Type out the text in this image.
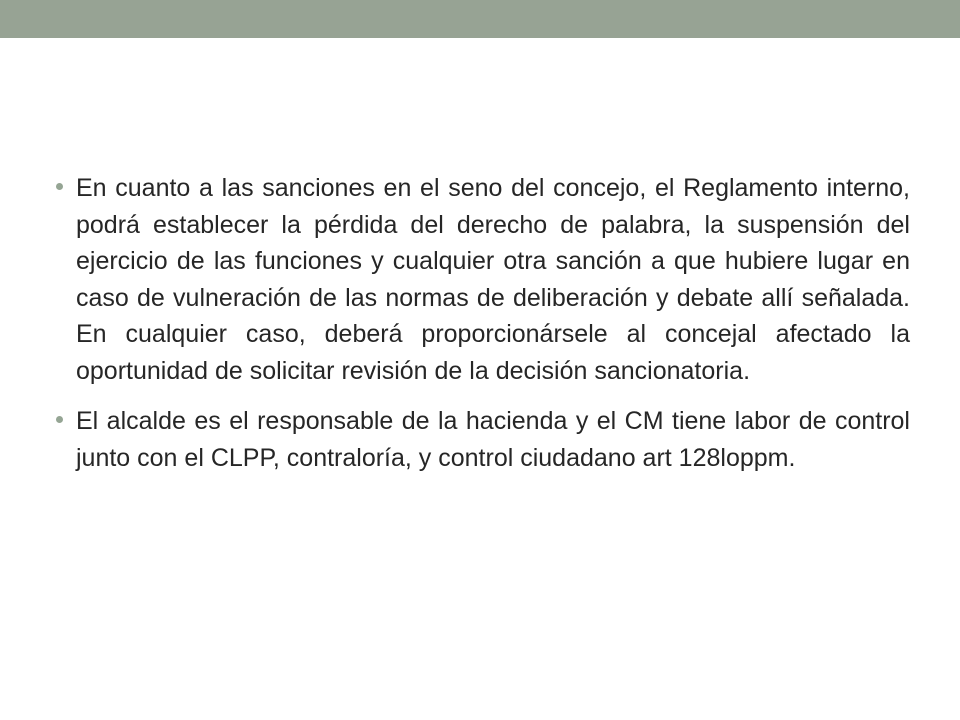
En cuanto a las sanciones en el seno del concejo, el Reglamento interno, podrá establecer la pérdida del derecho de palabra, la suspensión del ejercicio de las funciones y cualquier otra sanción a que hubiere lugar en caso de vulneración de las normas de deliberación y debate allí señalada. En cualquier caso, deberá proporcionársele al concejal afectado la oportunidad de solicitar revisión de la decisión sancionatoria.
El alcalde es el responsable de la hacienda y el CM tiene labor de control junto con el CLPP, contraloría, y control ciudadano art 128loppm.
